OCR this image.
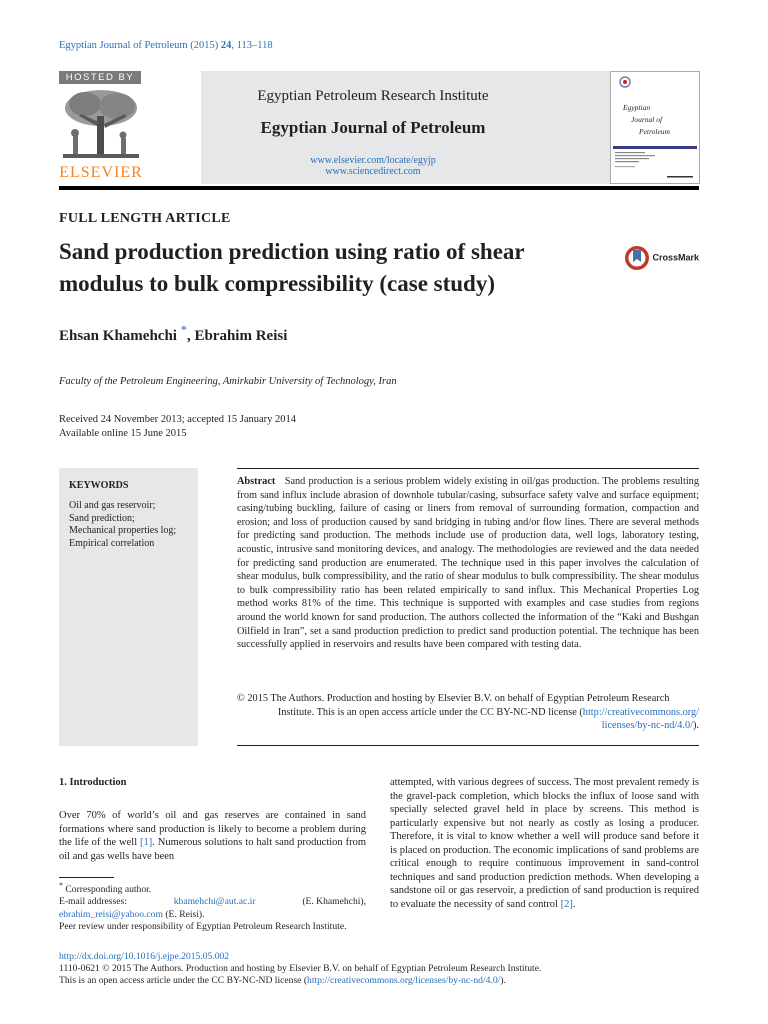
Egyptian Journal of Petroleum (2015) 24, 113–118
HOSTED BY
ELSEVIER
Egyptian Petroleum Research Institute
Egyptian Journal of Petroleum
www.elsevier.com/locate/egyjp
www.sciencedirect.com
Egyptian
Journal of
Petroleum
FULL LENGTH ARTICLE
Sand production prediction using ratio of shear modulus to bulk compressibility (case study)
CrossMark
Ehsan Khamehchi *, Ebrahim Reisi
Faculty of the Petroleum Engineering, Amirkabir University of Technology, Iran
Received 24 November 2013; accepted 15 January 2014
Available online 15 June 2015
KEYWORDS
Oil and gas reservoir;
Sand prediction;
Mechanical properties log;
Empirical correlation
Abstract Sand production is a serious problem widely existing in oil/gas production. The problems resulting from sand influx include abrasion of downhole tubular/casing, subsurface safety valve and surface equipment; casing/tubing buckling, failure of casing or liners from removal of surrounding formation, compaction and erosion; and loss of production caused by sand bridging in tubing and/or flow lines. There are several methods for predicting sand production. The methods include use of production data, well logs, laboratory testing, acoustic, intrusive sand monitoring devices, and analogy. The methodologies are reviewed and the data needed for predicting sand production are enumerated. The technique used in this paper involves the calculation of shear modulus, bulk compressibility, and the ratio of shear modulus to bulk compressibility. The shear modulus to bulk compressibility ratio has been related empirically to sand influx. This Mechanical Properties Log method works 81% of the time. This technique is supported with examples and case studies from regions around the world known for sand production. The authors collected the information of the “Kaki and Bushgan Oilfield in Iran”, set a sand production prediction to predict sand production potential. The technique has been successfully applied in reservoirs and results have been compared with testing data.
© 2015 The Authors. Production and hosting by Elsevier B.V. on behalf of Egyptian Petroleum Research
Institute. This is an open access article under the CC BY-NC-ND license (http://creativecommons.org/
licenses/by-nc-nd/4.0/).
1. Introduction
Over 70% of world’s oil and gas reserves are contained in sand formations where sand production is likely to become a problem during the life of the well [1]. Numerous solutions to halt sand production from oil and gas wells have been
attempted, with various degrees of success. The most prevalent remedy is the gravel-pack completion, which blocks the influx of loose sand with specially selected gravel held in place by screens. This method is particularly expensive but not nearly as costly as losing a producer. Therefore, it is vital to know whether a well will produce sand before it is placed on production. The economic implications of sand problems are critical enough to require continuous improvement in sand-control techniques and sand production prediction methods. When developing a sandstone oil or gas reservoir, a prediction of sand production is required to evaluate the necessity of sand control [2].
* Corresponding author.
E-mail addresses:	khamehchi@aut.ac.ir	(E. Khamehchi),
ebrahim_reisi@yahoo.com (E. Reisi).
Peer review under responsibility of Egyptian Petroleum Research Institute.
http://dx.doi.org/10.1016/j.ejpe.2015.05.002
1110-0621 © 2015 The Authors. Production and hosting by Elsevier B.V. on behalf of Egyptian Petroleum Research Institute.
This is an open access article under the CC BY-NC-ND license (http://creativecommons.org/licenses/by-nc-nd/4.0/).
